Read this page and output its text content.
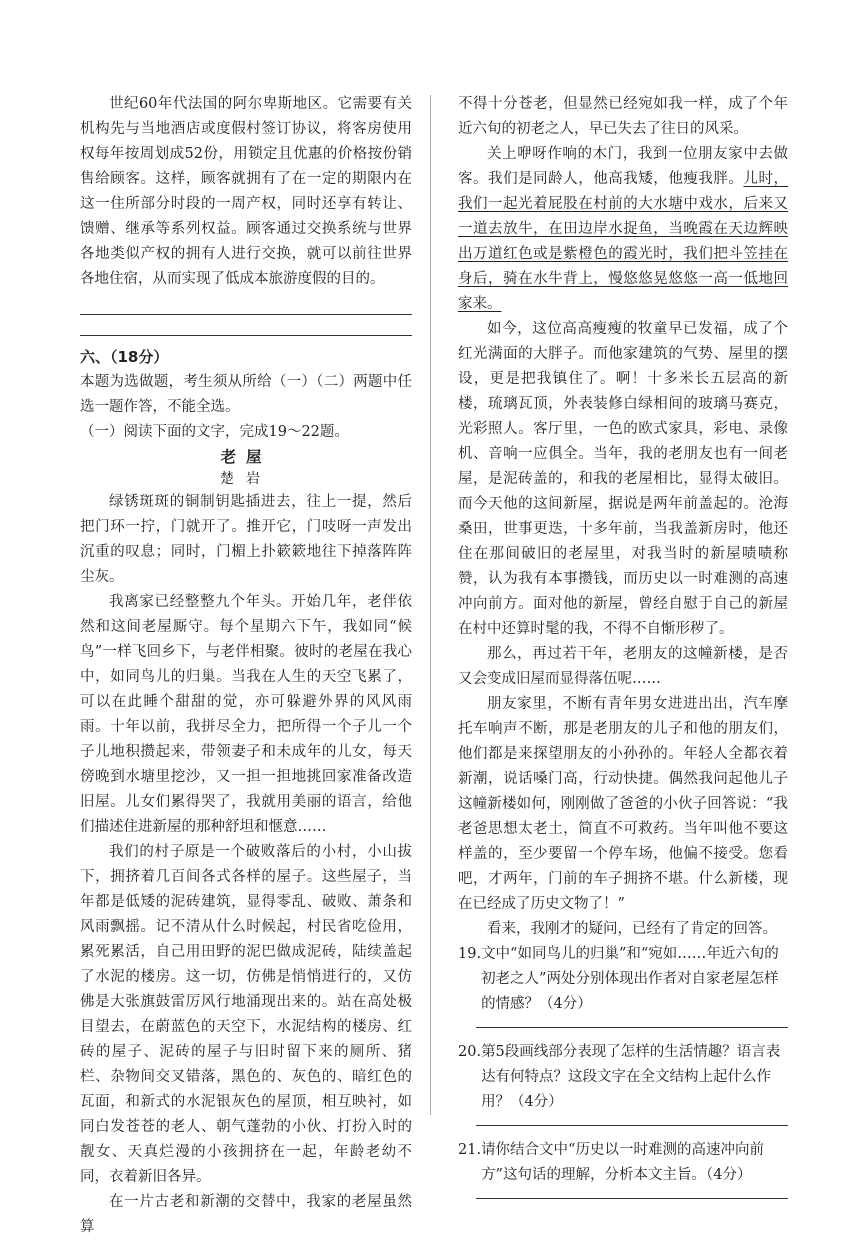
世纪60年代法国的阿尔卑斯地区。它需要有关机构先与当地酒店或度假村签订协议，将客房使用权每年按周划成52份，用锁定且优惠的价格按份销售给顾客。这样，顾客就拥有了在一定的期限内在这一住所部分时段的一周产权，同时还享有转让、馈赠、继承等系列权益。顾客通过交换系统与世界各地类似产权的拥有人进行交换，就可以前往世界各地住宿，从而实现了低成本旅游度假的目的。

六、（18分）

本题为选做题，考生须从所给（一）（二）两题中任选一题作答，不能全选。

（一）阅读下面的文字，完成19～22题。

老屋
楚岩

绿锈斑斑的铜制钥匙插进去，往上一提，然后把门环一拧，门就开了。推开它，门吱呀一声发出沉重的叹息；同时，门楣上扑簌簌地往下掉落阵阵尘灰。

我离家已经整整九个年头。开始几年，老伴依然和这间老屋厮守。每个星期六下午，我如同“候鸟”一样飞回乡下，与老伴相聚。彼时的老屋在我心中，如同鸟儿的归巢。当我在人生的天空飞累了，可以在此睡个甜甜的觉，亦可躲避外界的风风雨雨。十年以前，我拼尽全力，把所得一个子儿一个子儿地积攒起来，带领妻子和未成年的儿女，每天傍晚到水塘里挖沙，又一担一担地挑回家准备改造旧屋。儿女们累得哭了，我就用美丽的语言，给他们描述住进新屋的那种舒坦和惬意……

我们的村子原是一个破败落后的小村，小山拔下，拥挤着几百间各式各样的屋子。这些屋子，当年都是低矮的泥砖建筑，显得零乱、破败、萧条和风雨飘摇。记不清从什么时候起，村民省吃俭用，累死累活，自己用田野的泥巴做成泥砖，陆续盖起了水泥的楼房。这一切，仿佛是悄悄进行的，又仿佛是大张旗鼓雷厉风行地涌现出来的。站在高处极目望去，在蔚蓝色的天空下，水泥结构的楼房、红砖的屋子、泥砖的屋子与旧时留下来的厕所、猪栏、杂物间交叉错落，黑色的、灰色的、暗红色的瓦面，和新式的水泥银灰色的屋顶，相互映衬，如同白发苍苍的老人、朝气蓬勃的小伙、打扮入时的靓女、天真烂漫的小孩拥挤在一起，年龄老幼不同，衣着新旧各异。

在一片古老和新潮的交替中，我家的老屋虽然算

不得十分苍老，但显然已经宛如我一样，成了个年近六旬的初老之人，早已失去了往日的风采。

关上咿呀作响的木门，我到一位朋友家中去做客。我们是同龄人，他高我矮，他瘦我胖。儿时，我们一起光着屁股在村前的大水塘中戏水，后来又一道去放牛，在田边岸水捉鱼，当晚霞在天边辉映出万道红色或是紫橙色的霞光时，我们把斗笠挂在身后，骑在水牛背上，慢悠悠晃悠悠一高一低地回家来。

如今，这位高高瘦瘦的牧童早已发福，成了个红光满面的大胖子。而他家建筑的气势、屋里的摆设，更是把我镇住了。啊！十多米长五层高的新楼，琉璃瓦顶，外表装修白绿相间的玻璃马赛克，光彩照人。客厅里，一色的欧式家具，彩电、录像机、音响一应俱全。当年，我的老朋友也有一间老屋，是泥砖盖的，和我的老屋相比，显得太破旧。而今天他的这间新屋，据说是两年前盖起的。沧海桑田，世事更迭，十多年前，当我盖新房时，他还住在那间破旧的老屋里，对我当时的新屋啧啧称赞，认为我有本事攒钱，而历史以一时难测的高速冲向前方。面对他的新屋，曾经自慰于自己的新屋在村中还算时髦的我，不得不自惭形秽了。

那么，再过若干年，老朋友的这幢新楼，是否又会变成旧屋而显得落伍呢……

朋友家里，不断有青年男女进进出出，汽车摩托车响声不断，那是老朋友的儿子和他的朋友们，他们都是来探望朋友的小孙孙的。年轻人全都衣着新潮，说话嗓门高，行动快捷。偶然我问起他儿子这幢新楼如何，刚刚做了爸爸的小伙子回答说：“我老爸思想太老土，简直不可救药。当年叫他不要这样盖的，至少要留一个停车场，他偏不接受。您看吧，才两年，门前的车子拥挤不堪。什么新楼，现在已经成了历史文物了！”

看来，我刚才的疑问，已经有了肯定的回答。

19. 文中“如同鸟儿的归巢”和“宛如……年近六旬的初老之人”两处分别体现出作者对自家老屋怎样的情感？（4分）
20. 第5段画线部分表现了怎样的生活情趣？语言表达有何特点？这段文字在全文结构上起什么作用？（4分）
21. 请你结合文中“历史以一时难测的高速冲向前方”这句话的理解，分析本文主旨。（4分）
